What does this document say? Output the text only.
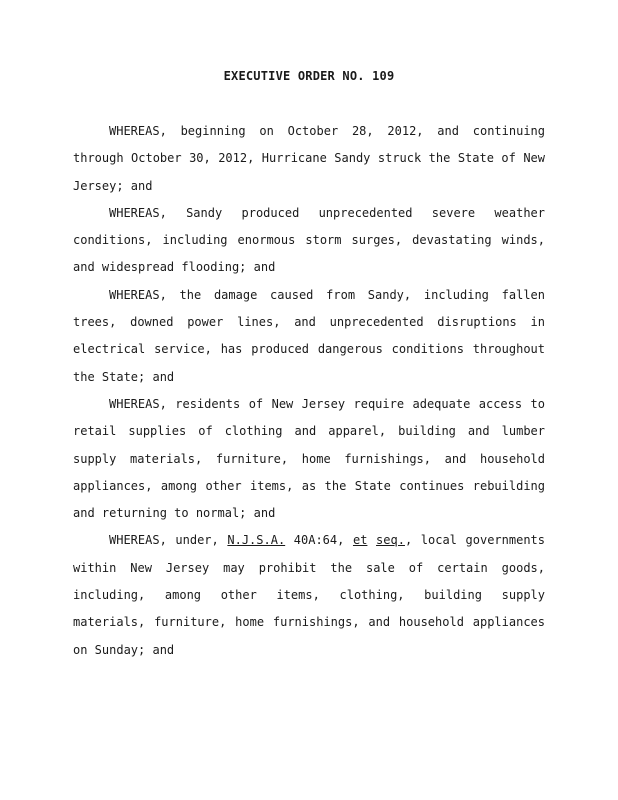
EXECUTIVE ORDER NO. 109

WHEREAS, beginning on October 28, 2012, and continuing through October 30, 2012, Hurricane Sandy struck the State of New Jersey; and

WHEREAS, Sandy produced unprecedented severe weather conditions, including enormous storm surges, devastating winds, and widespread flooding; and

WHEREAS, the damage caused from Sandy, including fallen trees, downed power lines, and unprecedented disruptions in electrical service, has produced dangerous conditions throughout the State; and

WHEREAS, residents of New Jersey require adequate access to retail supplies of clothing and apparel, building and lumber supply materials, furniture, home furnishings, and household appliances, among other items, as the State continues rebuilding and returning to normal; and

WHEREAS, under, N.J.S.A. 40A:64, et seq., local governments within New Jersey may prohibit the sale of certain goods, including, among other items, clothing, building supply materials, furniture, home furnishings, and household appliances on Sunday; and
